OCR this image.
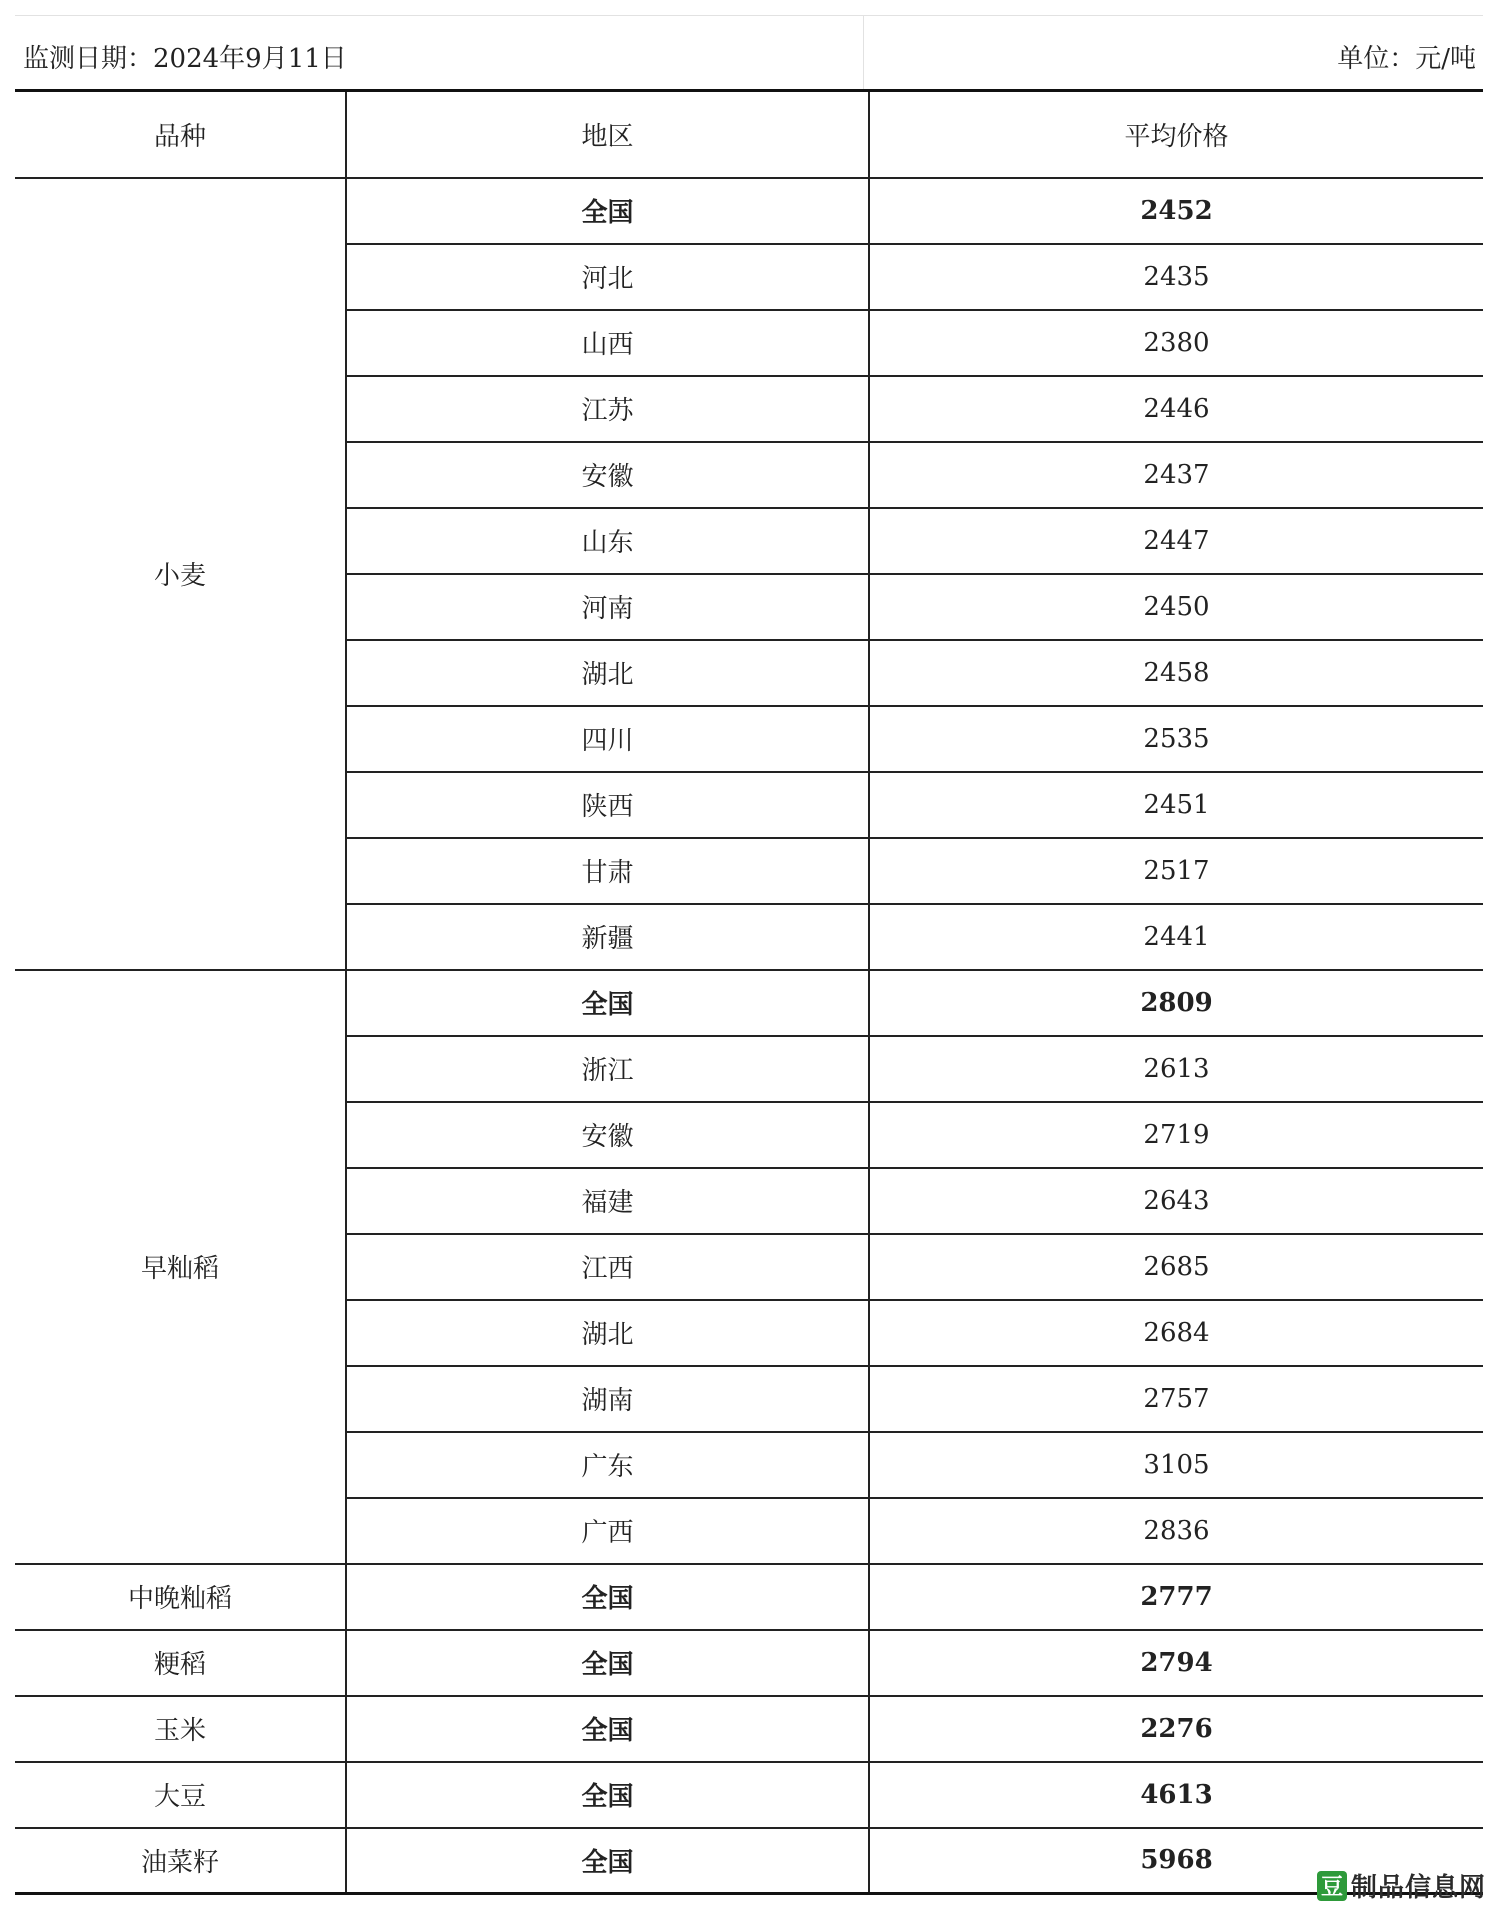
监测日期：2024年9月11日	单位：元/吨
品种	地区	平均价格
小麦	全国	2452
	河北	2435
	山西	2380
	江苏	2446
	安徽	2437
	山东	2447
	河南	2450
	湖北	2458
	四川	2535
	陕西	2451
	甘肃	2517
	新疆	2441
早籼稻	全国	2809
	浙江	2613
	安徽	2719
	福建	2643
	江西	2685
	湖北	2684
	湖南	2757
	广东	3105
	广西	2836
中晚籼稻	全国	2777
粳稻	全国	2794
玉米	全国	2276
大豆	全国	4613
油菜籽	全国	5968
豆 制品信息网
